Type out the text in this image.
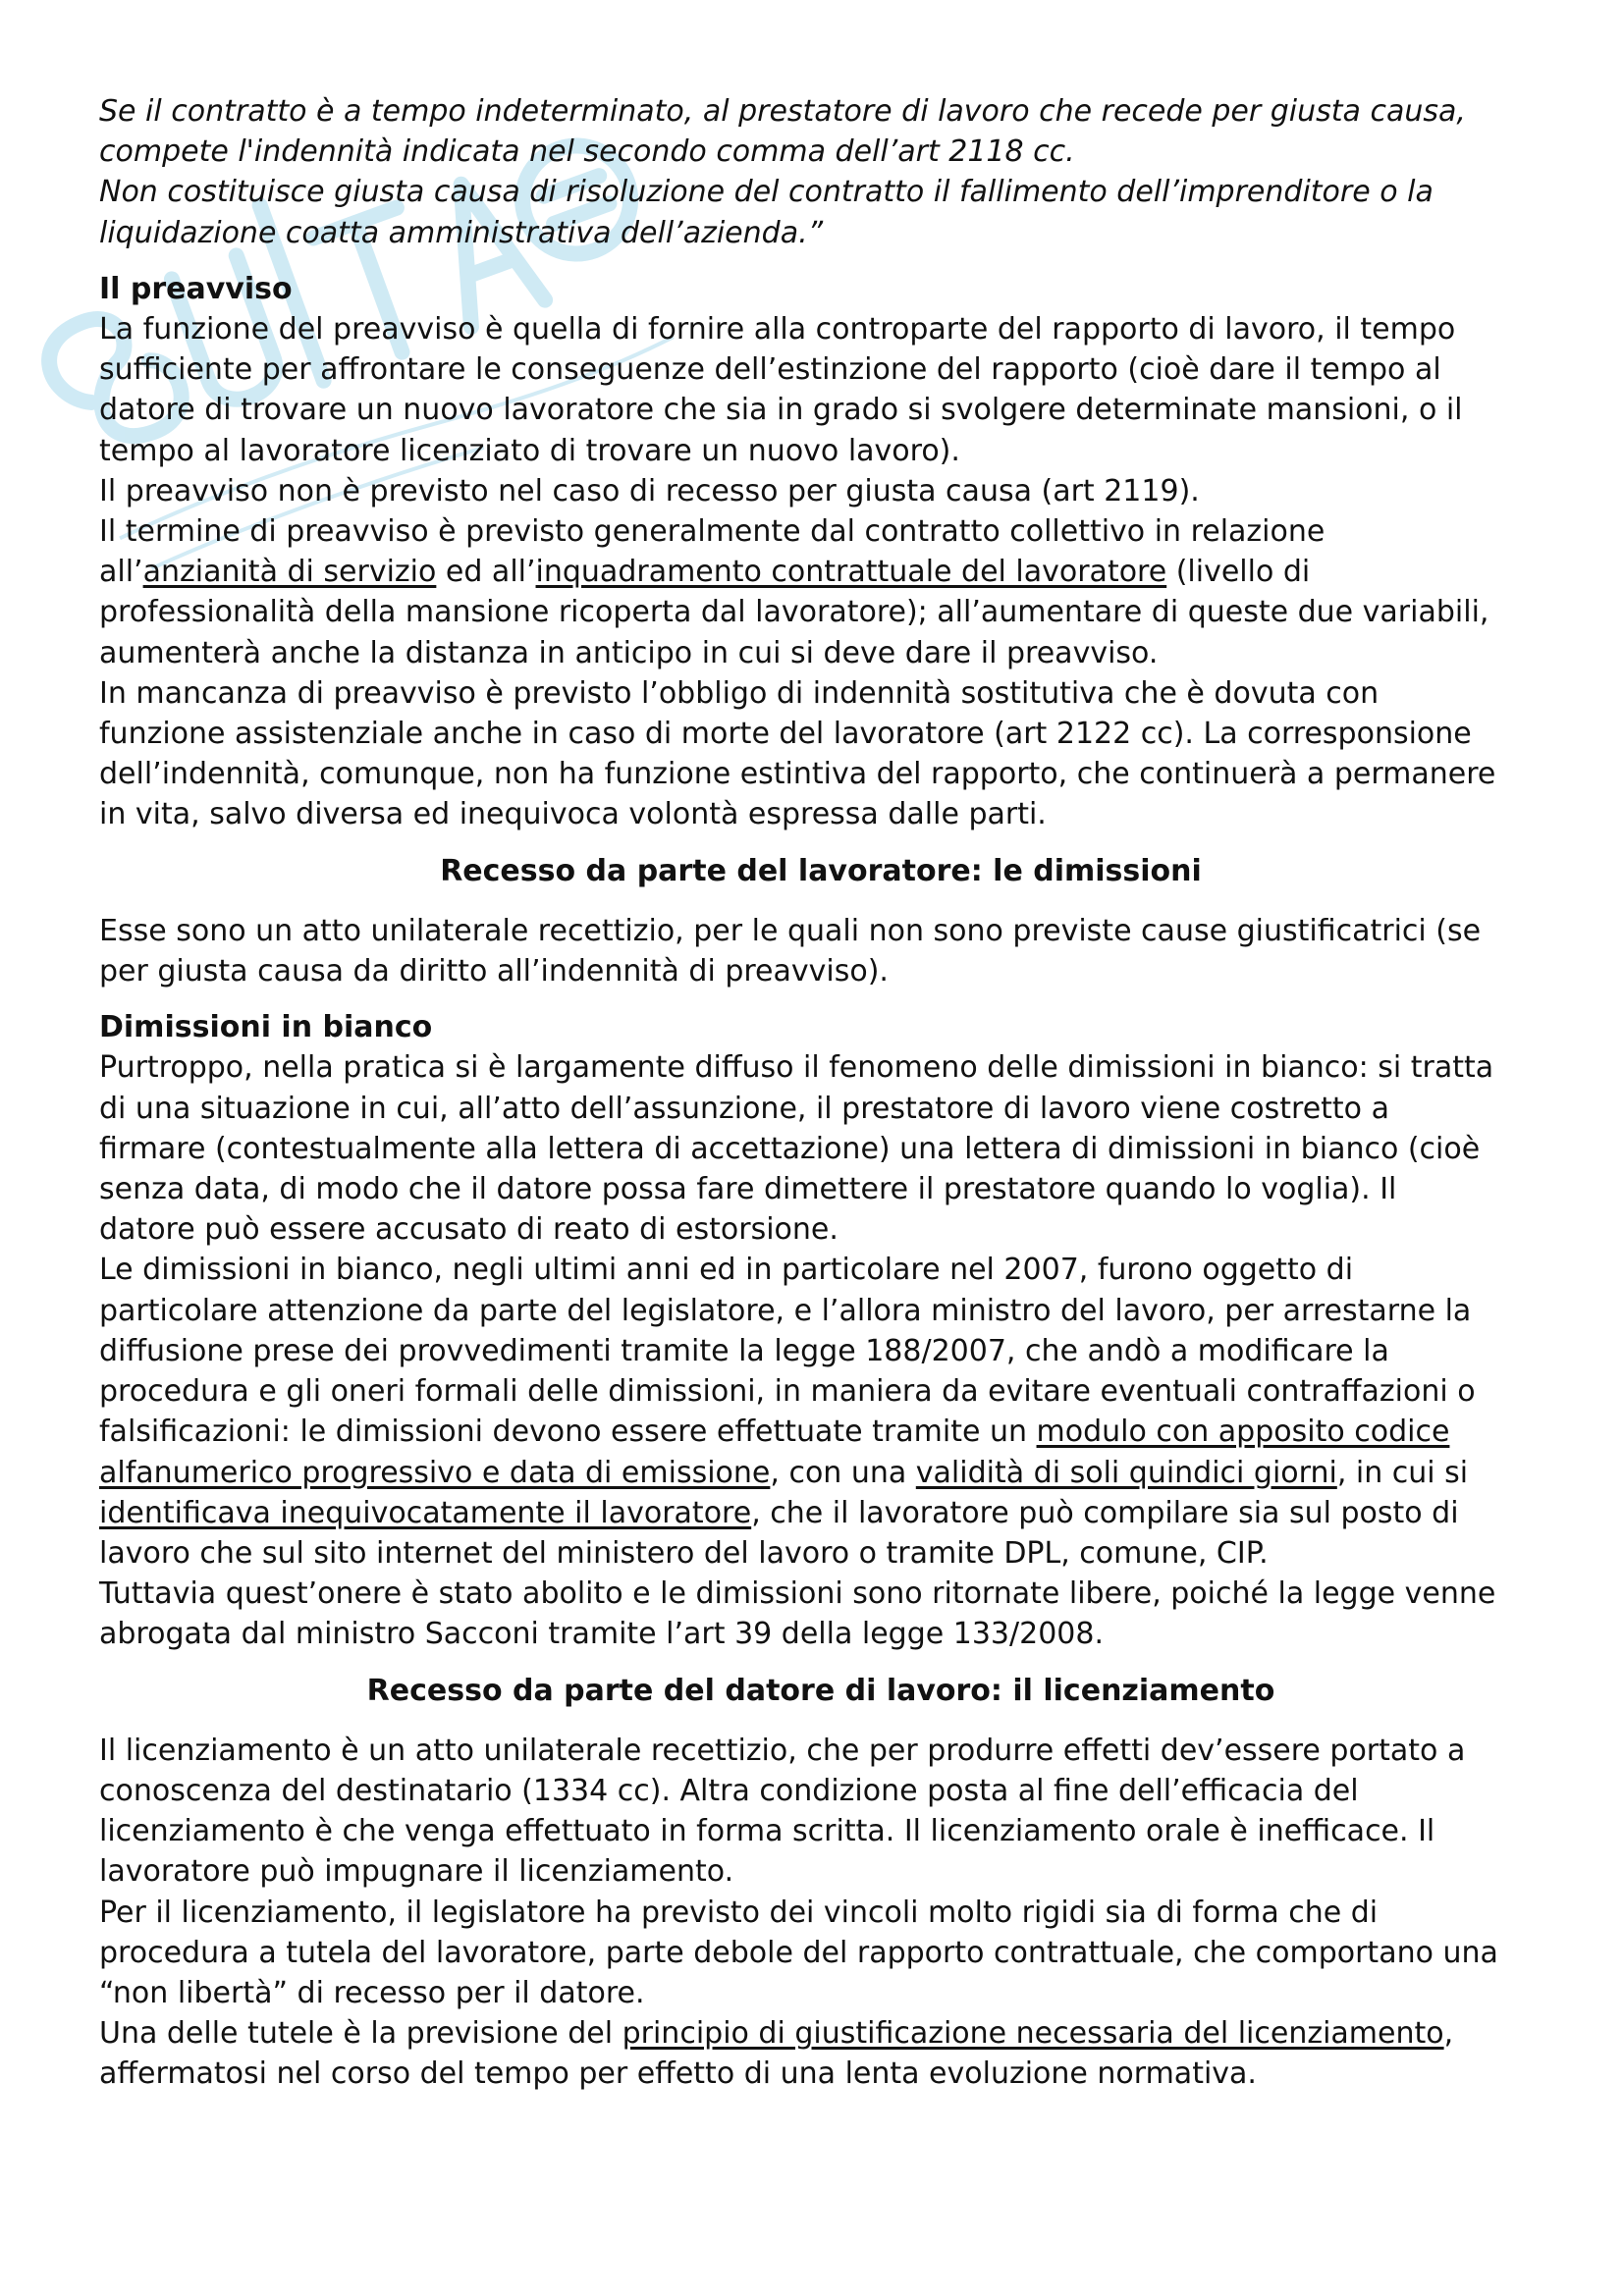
Se il contratto è a tempo indeterminato, al prestatore di lavoro che recede per giusta causa,

compete l'indennità indicata nel secondo comma dell’art 2118 cc.

Non costituisce giusta causa di risoluzione del contratto il fallimento dell’imprenditore o la

liquidazione coatta amministrativa dell’azienda.”

Il preavviso

La funzione del preavviso è quella di fornire alla controparte del rapporto di lavoro, il tempo

sufficiente per affrontare le conseguenze dell’estinzione del rapporto (cioè dare il tempo al

datore di trovare un nuovo lavoratore che sia in grado si svolgere determinate mansioni, o il

tempo al lavoratore licenziato di trovare un nuovo lavoro).

Il preavviso non è previsto nel caso di recesso per giusta causa (art 2119).

Il termine di preavviso è previsto generalmente dal contratto collettivo in relazione

all’anzianità di servizio ed all’inquadramento contrattuale del lavoratore (livello di

professionalità della mansione ricoperta dal lavoratore); all’aumentare di queste due variabili,

aumenterà anche la distanza in anticipo in cui si deve dare il preavviso.

In mancanza di preavviso è previsto l’obbligo di indennità sostitutiva che è dovuta con

funzione assistenziale anche in caso di morte del lavoratore (art 2122 cc). La corresponsione

dell’indennità, comunque, non ha funzione estintiva del rapporto, che continuerà a permanere

in vita, salvo diversa ed inequivoca volontà espressa dalle parti.

Recesso da parte del lavoratore: le dimissioni

Esse sono un atto unilaterale recettizio, per le quali non sono previste cause giustificatrici (se

per giusta causa da diritto all’indennità di preavviso).

Dimissioni in bianco

Purtroppo, nella pratica si è largamente diffuso il fenomeno delle dimissioni in bianco: si tratta

di una situazione in cui, all’atto dell’assunzione, il prestatore di lavoro viene costretto a

firmare (contestualmente alla lettera di accettazione) una lettera di dimissioni in bianco (cioè

senza data, di modo che il datore possa fare dimettere il prestatore quando lo voglia). Il

datore può essere accusato di reato di estorsione.

Le dimissioni in bianco, negli ultimi anni ed in particolare nel 2007, furono oggetto di

particolare attenzione da parte del legislatore, e l’allora ministro del lavoro, per arrestarne la

diffusione prese dei provvedimenti tramite la legge 188/2007, che andò a modificare la

procedura e gli oneri formali delle dimissioni, in maniera da evitare eventuali contraffazioni o

falsificazioni: le dimissioni devono essere effettuate tramite un modulo con apposito codice

alfanumerico progressivo e data di emissione, con una validità di soli quindici giorni, in cui si

identificava inequivocatamente il lavoratore, che il lavoratore può compilare sia sul posto di

lavoro che sul sito internet del ministero del lavoro o tramite DPL, comune, CIP.

Tuttavia quest’onere è stato abolito e le dimissioni sono ritornate libere, poiché la legge venne

abrogata dal ministro Sacconi tramite l’art 39 della legge 133/2008.

Recesso da parte del datore di lavoro: il licenziamento

Il licenziamento è un atto unilaterale recettizio, che per produrre effetti dev’essere portato a

conoscenza del destinatario (1334 cc). Altra condizione posta al fine dell’efficacia del

licenziamento è che venga effettuato in forma scritta. Il licenziamento orale è inefficace. Il

lavoratore può impugnare il licenziamento.

Per il licenziamento, il legislatore ha previsto dei vincoli molto rigidi sia di forma che di

procedura a tutela del lavoratore, parte debole del rapporto contrattuale, che comportano una

“non libertà” di recesso per il datore.

Una delle tutele è la previsione del principio di giustificazione necessaria del licenziamento,

affermatosi nel corso del tempo per effetto di una lenta evoluzione normativa.
